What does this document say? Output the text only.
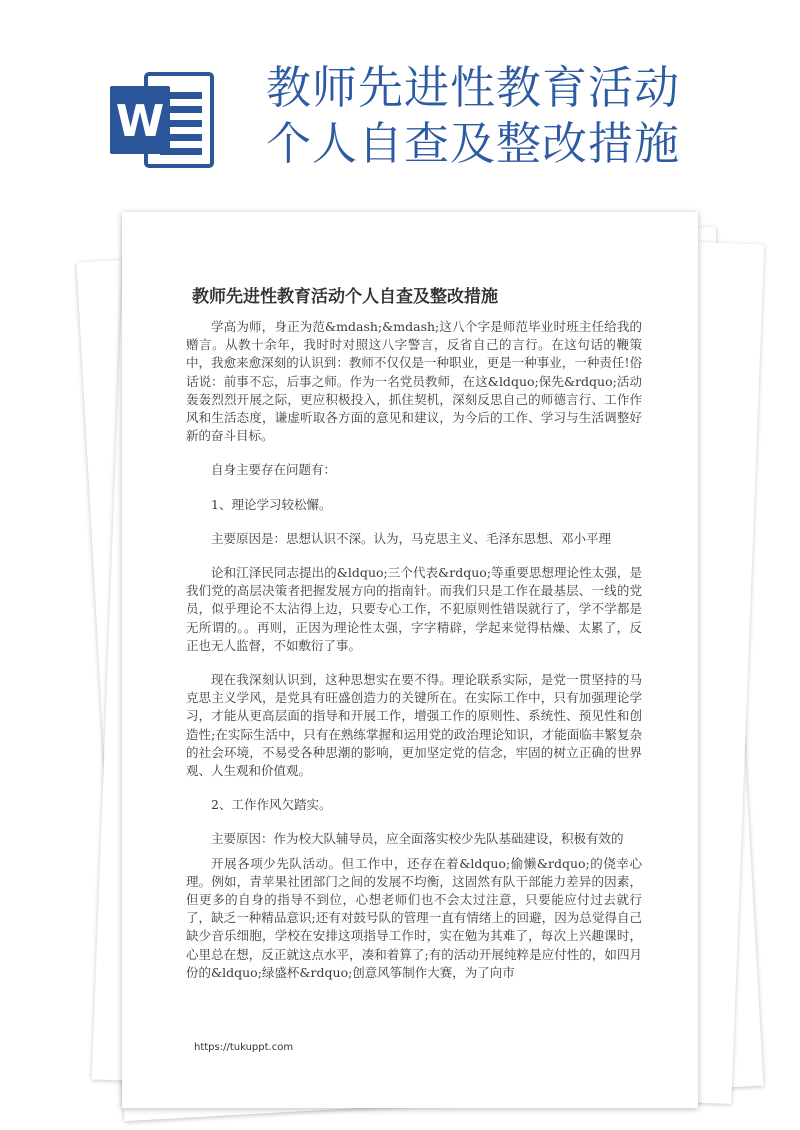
W
教师先进性教育活动个人自查及整改措施
教师先进性教育活动个人自查及整改措施

学高为师，身正为范&mdash;&mdash;这八个字是师范毕业时班主任给我的赠言。从教十余年，我时时对照这八字警言，反省自己的言行。在这句话的鞭策中，我愈来愈深刻的认识到：教师不仅仅是一种职业，更是一种事业，一种责任!俗话说：前事不忘，后事之师。作为一名党员教师，在这&ldquo;保先&rdquo;活动轰轰烈烈开展之际，更应积极投入，抓住契机，深刻反思自己的师德言行、工作作风和生活态度，谦虚听取各方面的意见和建议，为今后的工作、学习与生活调整好新的奋斗目标。

自身主要存在问题有：

1、理论学习较松懈。

主要原因是：思想认识不深。认为，马克思主义、毛泽东思想、邓小平理

论和江泽民同志提出的&ldquo;三个代表&rdquo;等重要思想理论性太强，是我们党的高层决策者把握发展方向的指南针。而我们只是工作在最基层、一线的党员，似乎理论不太沾得上边，只要专心工作，不犯原则性错误就行了，学不学都是无所谓的。。再则，正因为理论性太强，字字精辟，学起来觉得枯燥、太累了，反正也无人监督，不如敷衍了事。

现在我深刻认识到，这种思想实在要不得。理论联系实际，是党一贯坚持的马克思主义学风，是党具有旺盛创造力的关键所在。在实际工作中，只有加强理论学习，才能从更高层面的指导和开展工作，增强工作的原则性、系统性、预见性和创造性;在实际生活中，只有在熟练掌握和运用党的政治理论知识，才能面临丰繁复杂的社会环境，不易受各种思潮的影响，更加坚定党的信念，牢固的树立正确的世界观、人生观和价值观。

2、工作作风欠踏实。

主要原因：作为校大队辅导员，应全面落实校少先队基础建设，积极有效的

开展各项少先队活动。但工作中，还存在着&ldquo;偷懒&rdquo;的侥幸心理。例如，青苹果社团部门之间的发展不均衡，这固然有队干部能力差异的因素，但更多的自身的指导不到位，心想老师们也不会太过注意，只要能应付过去就行了，缺乏一种精品意识;还有对鼓号队的管理一直有情绪上的回避，因为总觉得自己缺少音乐细胞，学校在安排这项指导工作时，实在勉为其难了，每次上兴趣课时，心里总在想，反正就这点水平，凑和着算了;有的活动开展纯粹是应付性的，如四月份的&ldquo;绿盛杯&rdquo;创意风筝制作大赛，为了向市

https://tukuppt.com
